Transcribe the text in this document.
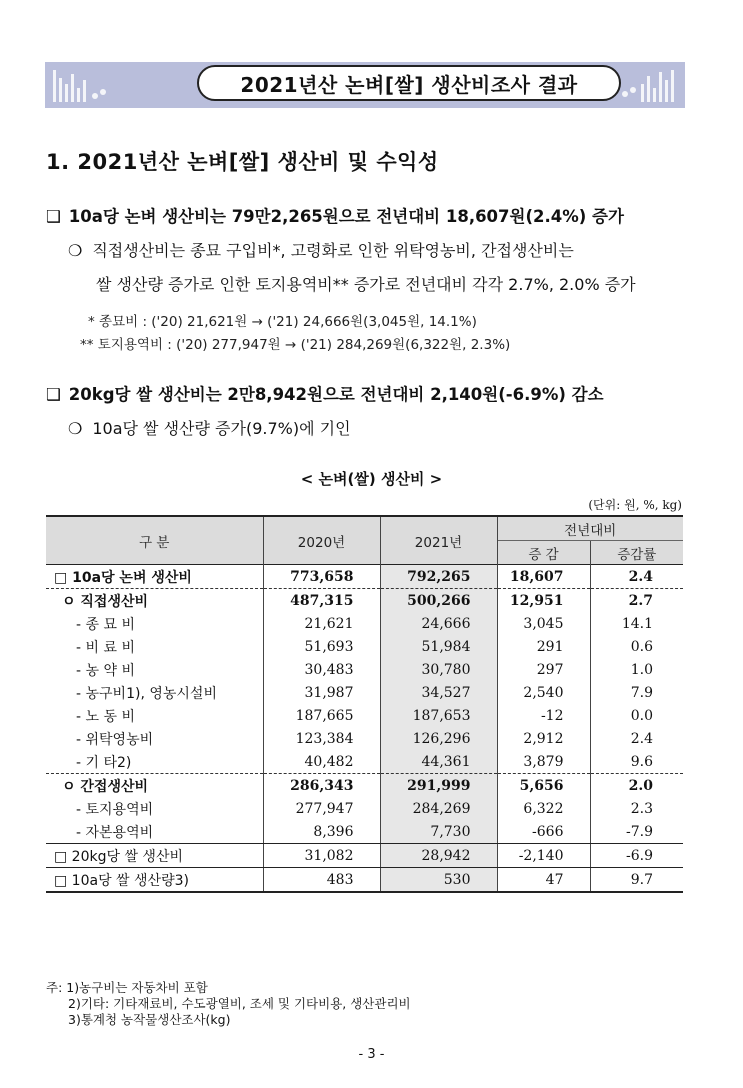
2021년산 논벼[쌀] 생산비조사 결과
1. 2021년산 논벼[쌀] 생산비 및 수익성
❑ 10a당 논벼 생산비는 79만2,265원으로 전년대비 18,607원(2.4%) 증가
❍ 직접생산비는 종묘 구입비*, 고령화로 인한 위탁영농비, 간접생산비는
쌀 생산량 증가로 인한 토지용역비** 증가로 전년대비 각각 2.7%, 2.0% 증가
* 종묘비 : ('20) 21,621원 → ('21) 24,666원(3,045원, 14.1%)
** 토지용역비 : ('20) 277,947원 → ('21) 284,269원(6,322원, 2.3%)
❑ 20kg당 쌀 생산비는 2만8,942원으로 전년대비 2,140원(-6.9%) 감소
❍ 10a당 쌀 생산량 증가(9.7%)에 기인
< 논벼(쌀) 생산비 >
(단위: 원, %, kg)
구 분	2020년	2021년	전년대비	
			증 감	증감률
□ 10a당 논벼 생산비	773,658	792,265	18,607	2.4
ㅇ 직접생산비	487,315	500,266	12,951	2.7
- 종 묘 비	21,621	24,666	3,045	14.1
- 비 료 비	51,693	51,984	291	0.6
- 농 약 비	30,483	30,780	297	1.0
- 농구비1), 영농시설비	31,987	34,527	2,540	7.9
- 노 동 비	187,665	187,653	-12	0.0
- 위탁영농비	123,384	126,296	2,912	2.4
- 기 타2)	40,482	44,361	3,879	9.6
ㅇ 간접생산비	286,343	291,999	5,656	2.0
- 토지용역비	277,947	284,269	6,322	2.3
- 자본용역비	8,396	7,730	-666	-7.9
□ 20kg당 쌀 생산비	31,082	28,942	-2,140	-6.9
□ 10a당 쌀 생산량3)	483	530	47	9.7
주: 1)농구비는 자동차비 포함
2)기타: 기타재료비, 수도광열비, 조세 및 기타비용, 생산관리비
3)통계청 농작물생산조사(kg)
- 3 -
